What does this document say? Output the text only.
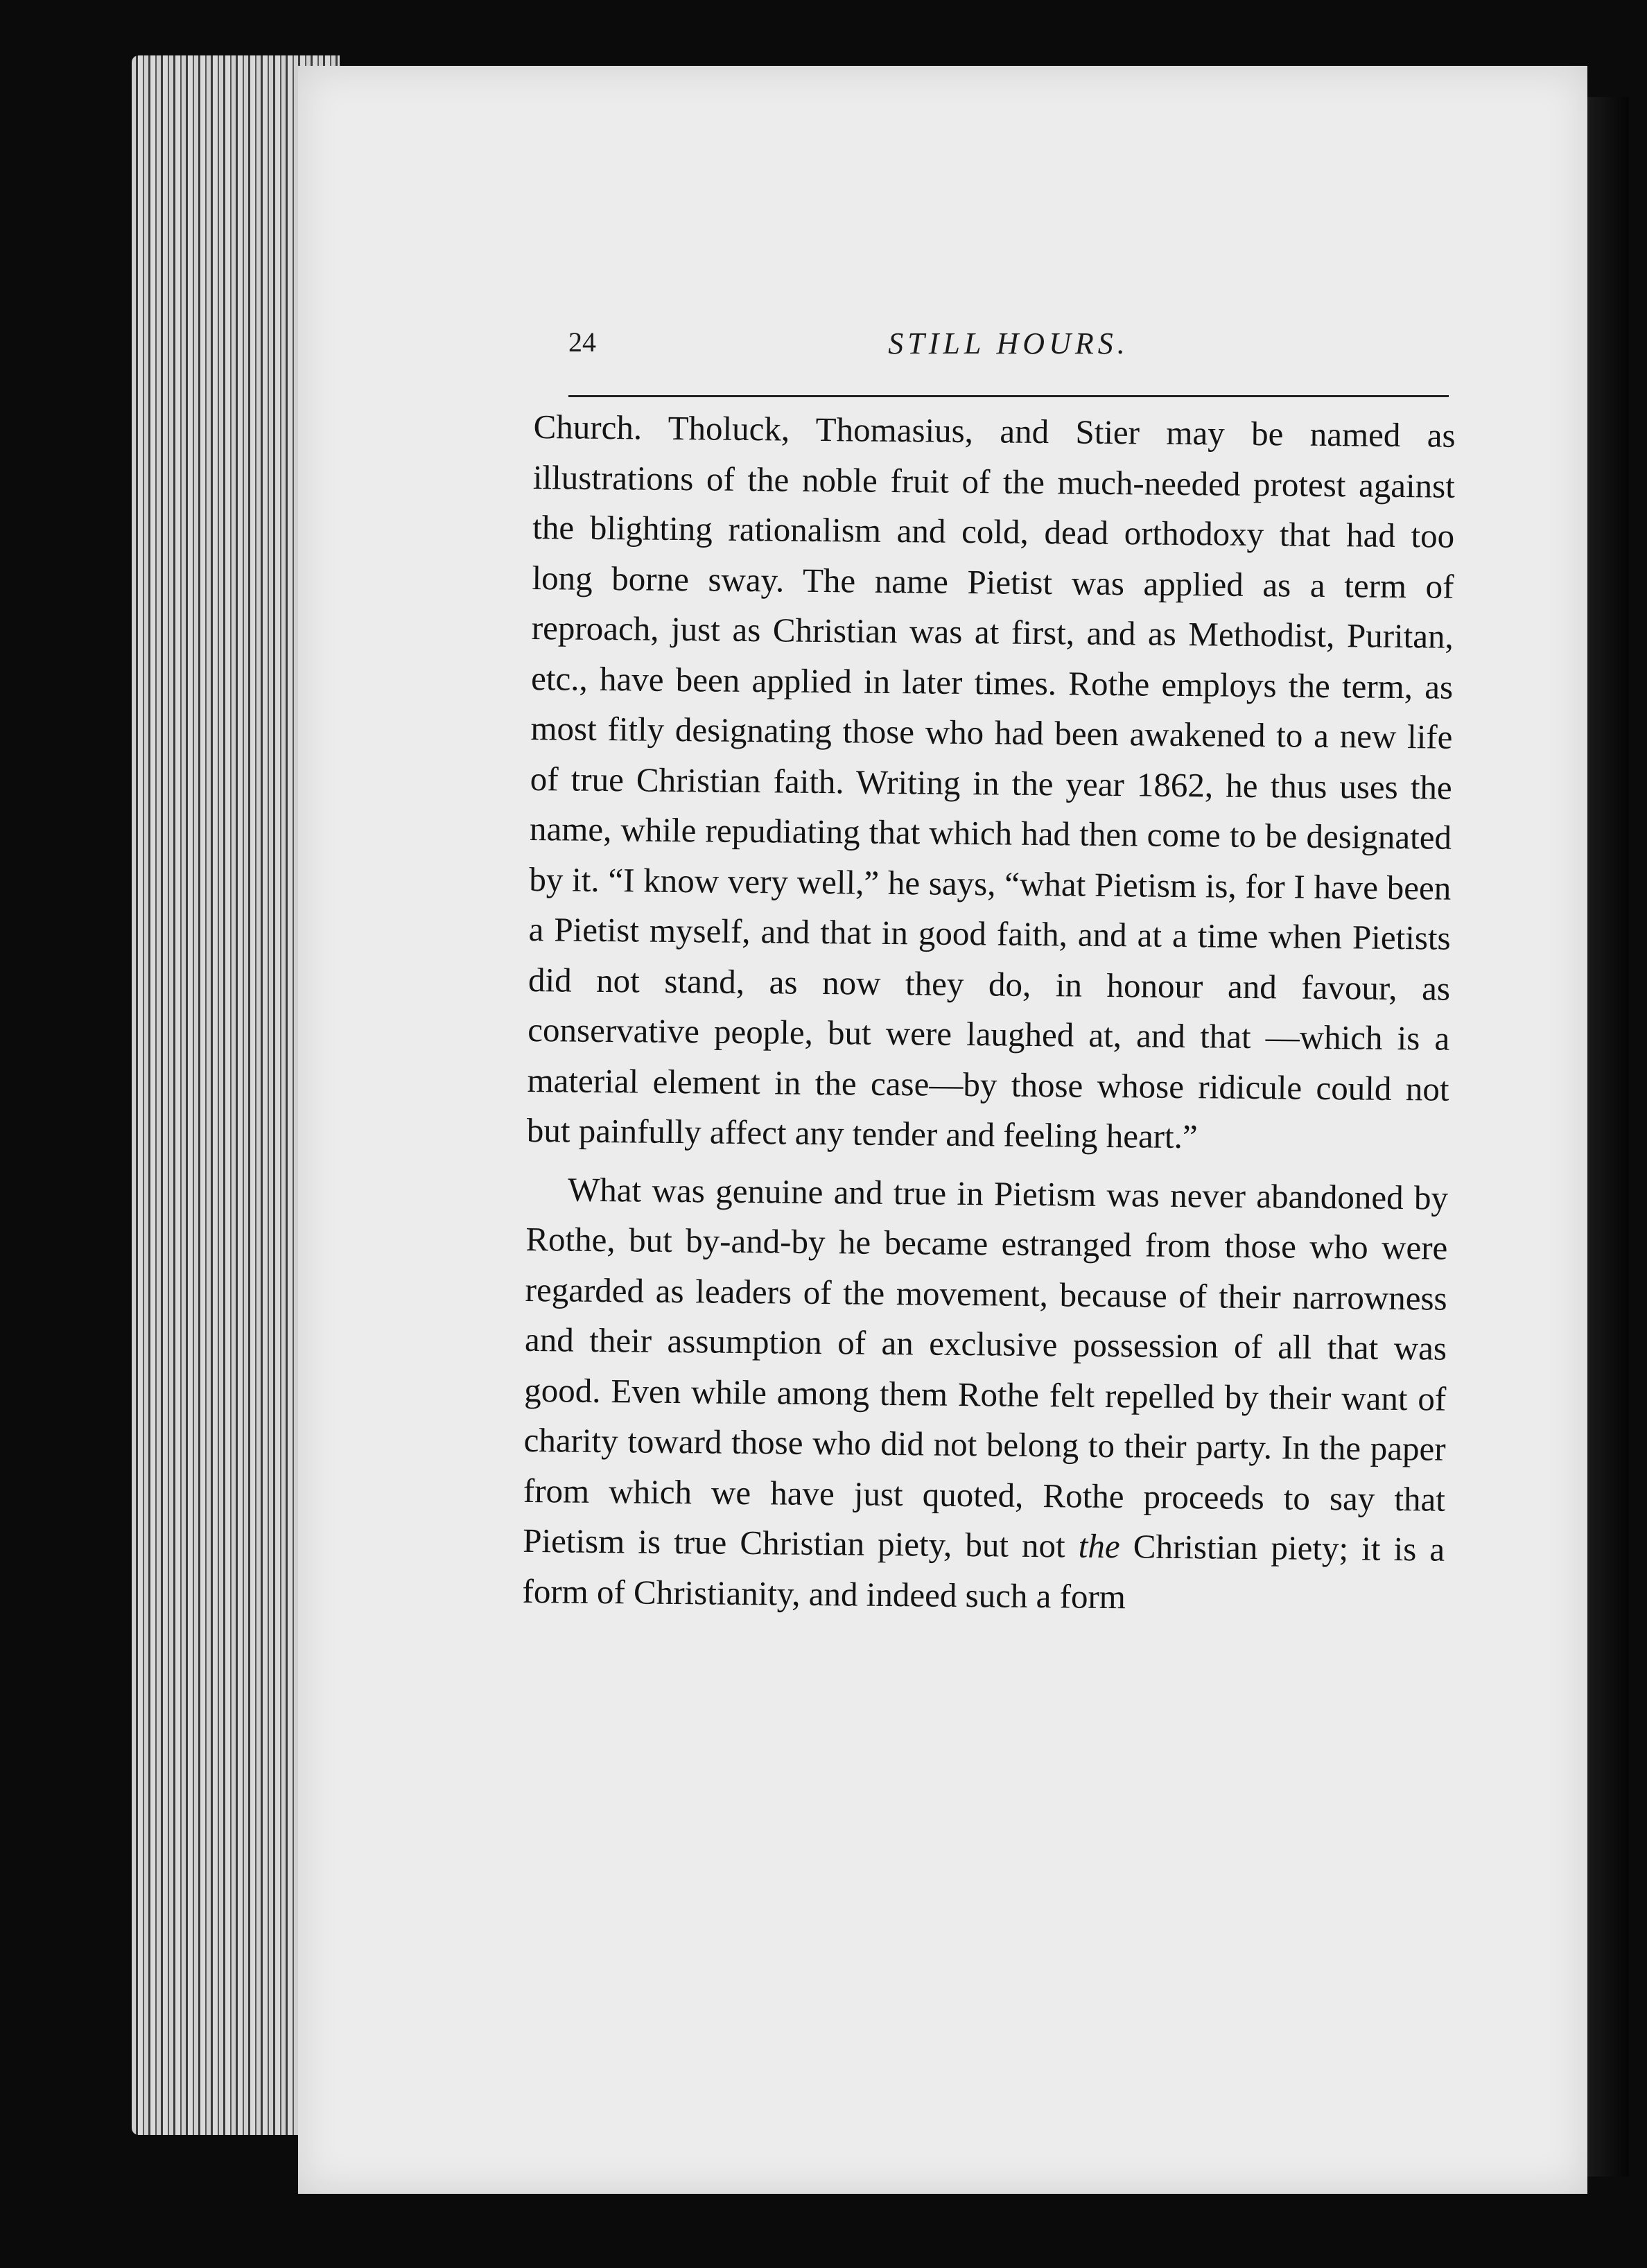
24	STILL HOURS.

Church. Tholuck, Thomasius, and Stier may be named as illustrations of the noble fruit of the much-needed protest against the blighting rationalism and cold, dead orthodoxy that had too long borne sway. The name Pietist was applied as a term of reproach, just as Christian was at first, and as Methodist, Puritan, etc., have been applied in later times. Rothe employs the term, as most fitly designating those who had been awakened to a new life of true Christian faith. Writing in the year 1862, he thus uses the name, while repudiating that which had then come to be designated by it. “I know very well,” he says, “what Pietism is, for I have been a Pietist myself, and that in good faith, and at a time when Pietists did not stand, as now they do, in honour and favour, as conservative people, but were laughed at, and that —which is a material element in the case—by those whose ridicule could not but painfully affect any tender and feeling heart.”

What was genuine and true in Pietism was never abandoned by Rothe, but by-and-by he became estranged from those who were regarded as leaders of the movement, because of their narrowness and their assumption of an exclusive possession of all that was good. Even while among them Rothe felt repelled by their want of charity toward those who did not belong to their party. In the paper from which we have just quoted, Rothe proceeds to say that Pietism is true Christian piety, but not the Christian piety; it is a form of Christianity, and indeed such a form
